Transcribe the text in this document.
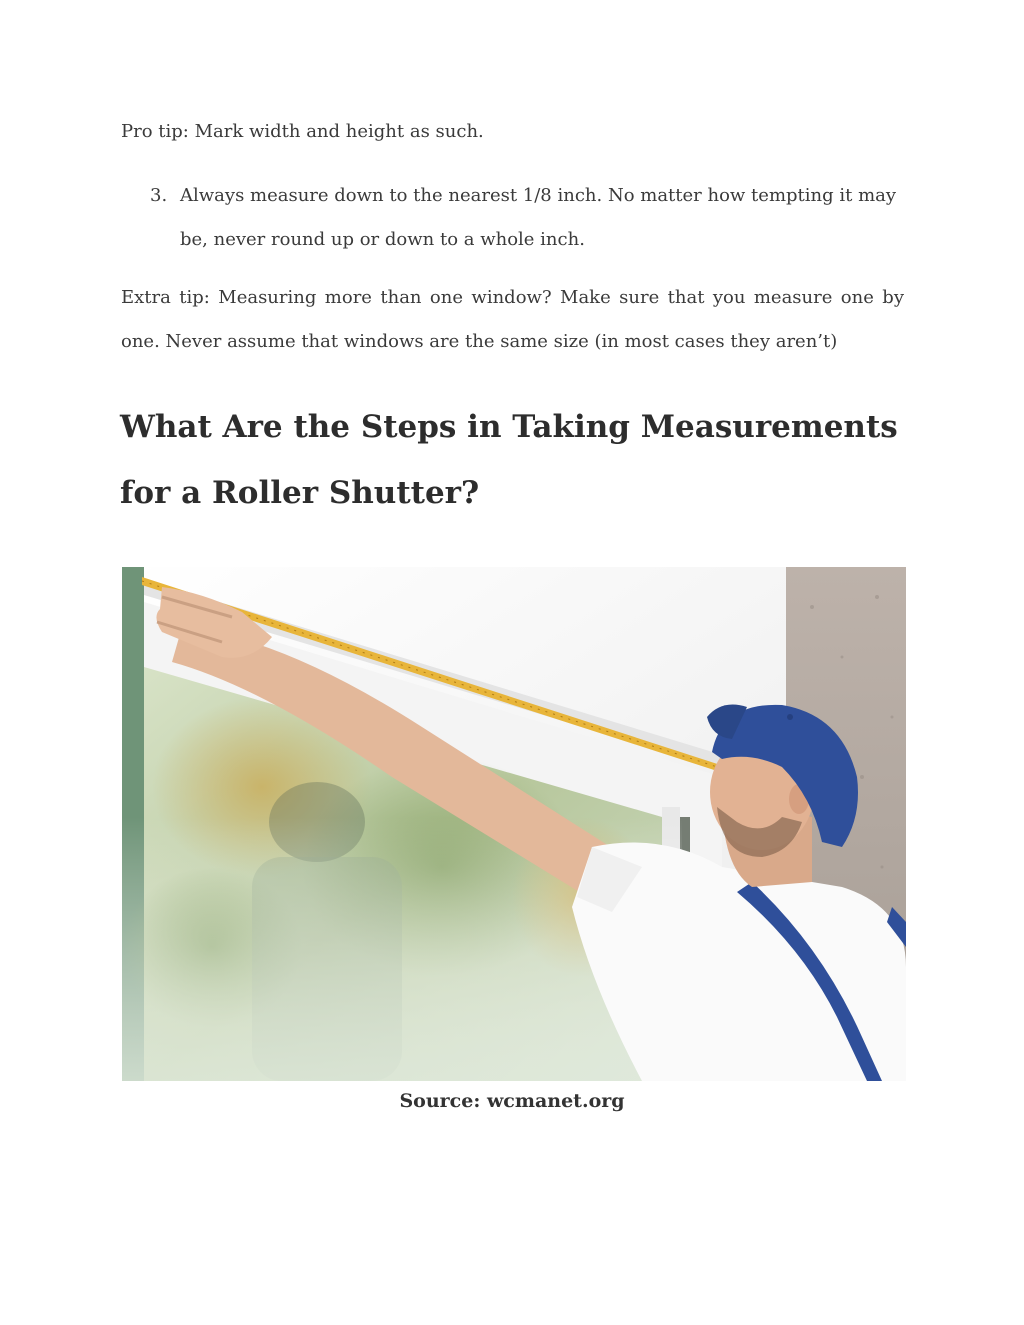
Pro tip: Mark width and height as such.

3. Always measure down to the nearest 1/8 inch. No matter how tempting it may be, never round up or down to a whole inch.

Extra tip: Measuring more than one window? Make sure that you measure one by one. Never assume that windows are the same size (in most cases they aren’t)

What Are the Steps in Taking Measurements for a Roller Shutter?
Source: wcmanet.org
